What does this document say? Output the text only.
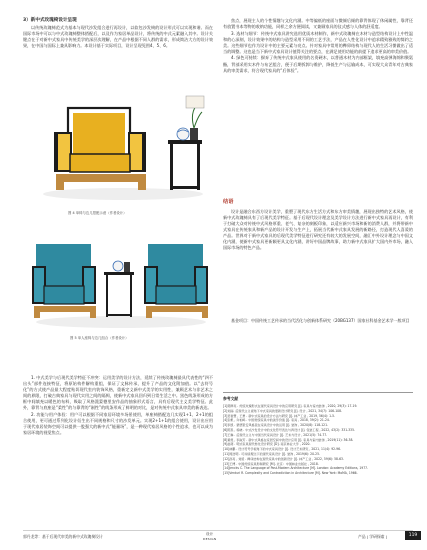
3）新中式玫瑰椅设计呈现

以传统玫瑰椅范式为基本与现代沙发组合进行再设计，以软包沙发椅的设计形式可以实现和谐。而在国际市场中可以与中式玫瑰椅整体搭配后，以及作为家居单品设计，将传统的中式元素融入其中。设计关键点在于对新中式家具中传统美学的深层次理解，在产品中根据不同人群的需求，形成简洁大方的设计效果，在中国与国际上兼具影响力。本设计基于实际项目，设计呈现见图4、5、6。

图 4 单椅与边几搭配示意（作者设计）
图 5 单人座椅与边几组合（作者设计）

1. 中式美学与后现代美学特征不冲突：运用美学的设计方法，延续了传统玫瑰椅最具代表性的“四不出头”部件连接特征，将原始构件解构重组，保证了文脉传承，提升了产品的文化附加值。以“去符号化”的方式使产品最大程度贴切现代室内装饰风格，重新定义新中式美学的实用性，兼顾艺术与非艺术之间的界限，打破古典家具与现代实用之间的隔阂，使新中式家具回归到日常生活之中。黑色线条形成的方框中间填充以暖色的布料，吸取了风格派蒙德里安作品的抽象形式语言，具有后现代主义美学特征。此外，靠背与底座是“柔性”的与靠背的“刚性”的线条形成了鲜明的对比，是对传统中式家具审美的新表达。

2. 功能与用户体验：用户可以根据不同家居环境多场景使用，单座椅搭配边几实现1+1、2+1的组合使用，更可通过系列化设计衍生出不同规格和尺寸的沙发单元。实现2+1+1的组合使用，设计出应用于现代家居装饰空间可以提供一股强大的新中式“能量场”，是一种现代家居风格的个性追求，也可以成为家居环境的视觉焦点。

焦点，展现主人的个性情趣与文化内涵。中等偏低的座面与微倾后倾的靠背体现了休闲属性，靠背还有放置书本等物的收纳功能，同样之余方便阅读，又兼顾家具的仪式感与人体的舒适度。

3. 选材与细节：传统中式家具讲究选用优质木材制作，新中式玫瑰椅在木材与造型结构设计上中性温和的心深刻，设计效果中的结构与造型采用不同的工艺手法，产品在人性化设计中追求精致雅致的简约之美。这些细节也作为设计中的主要元素与亮点。针对家具中常用的榫卯结构与现代人的生活习惯做出了适当的调整。这也是当下新中式家具设计值得关注的要点，在满足使用功能的前提下追求更高的审美价值。

4. 绿色可持续：摒弃了传统中式家具使用的名贵硬木，以普通木材为内部框架，填充高弹海绵和聚氨酯，背部采用实木件与布艺组合，便于后期拆卸与维护，降低生产与运输成本，可实现大众青年对古典家具的审美需求，符合现代家具的“后体验”。

结语

设计是融合东西方设计美学，重塑了现代东方生活方式和东方审美情趣，展现出独特的艺术风格，使新中式玫瑰椅具有了后现代美学特征。基于后现代设计理念及美学设计方法进行新中式家具再设计，有利于打破大众对传统中式风格厚重、老气、复杂的刻板印象，以适应新兴市场和新的消费人群，并将带新中式家具在传统家具和新产品的设计开发与生产上，拓展当代新中式家具发展的新路径，打造现代人喜爱的产品。世界对于新中式家具的后现代美学特征进行研究还有较大的发展空间，融汇中外设计理念与中国文化内涵，使新中式家具更新颖更具文化内涵，讲好中国品牌故事，助力新中式家具扩大国内外市场，融入国际市场的特色产品。

基金项目：中国传统工艺传承的当代活化与创新体系研究（20BG137）国家社科基金艺术学一般项目
参考文献
[1]郭修亮 . 传统玫瑰形式在现代家具设计中的应用研究 [J]. 家具与室内装饰 , 2020, 29(3): 17-19.
[2]刘丽. 后现代主义视角下中式家具的更新设计研究 [J]. 设计 , 2021, 34(7): 106-108.
[3]吴智慧 , 王勇 . 新中式家具的设计方法与研究 [J]. 林产工业 , 2019, 56(4): 1-5.
[4]张帆 , 许柏鸣 . 中国传统家具中的美学价值 [J]. 家具 , 2018, 39(2): 21-24.
[5]李凯 . 蒙德里安风格派在家具设计中的运用 [J]. 装饰 , 2020(8): 118-121.
[6]陈思 , 杨晓 . 中式沙发设计中的文化符号表达与再设计 [J]. 包装工程 , 2022, 43(2): 331-335.
[7]王琳 . 后现代主义与中国当代家具设计 [J]. 艺术与设计 , 2021(5): 74-77.
[8]黄煜 , 李淑芳 . 新中式风格在家居空间中的设计应用 [J]. 家具与室内装饰 , 2019(11): 36-38.
[9]赵萌 . 明式家具现代转化设计研究 [D]. 南京林业大学 , 2020.
[10]林鹏 . 设计符号学视角下的中式家具设计 [J]. 设计艺术研究 , 2021, 11(4): 92-96.
[11]周浩明 . 可持续理念下的现代家具设计 [J]. 装饰 , 2019(6): 20-25.
[12]孙亮 , 刘毅 . 榫卯结构在现代家具中的创新设计 [J]. 林产工业 , 2022, 59(6): 58-63.
[13]王博 . 中国传统家具形制研究 [M]. 北京：中国林业出版社 , 2018.
[14]Jencks C. The Language of Post-Modern Architecture [M]. London: Academy Editions, 1977.
[15]Venturi R. Complexity and Contradiction in Architecture [M]. New York: MoMA, 1966.
郭丹龙等：基于后现代审美的新中式玫瑰椅设计	设计
DESIGN	产品 | 学研探索 |	119
